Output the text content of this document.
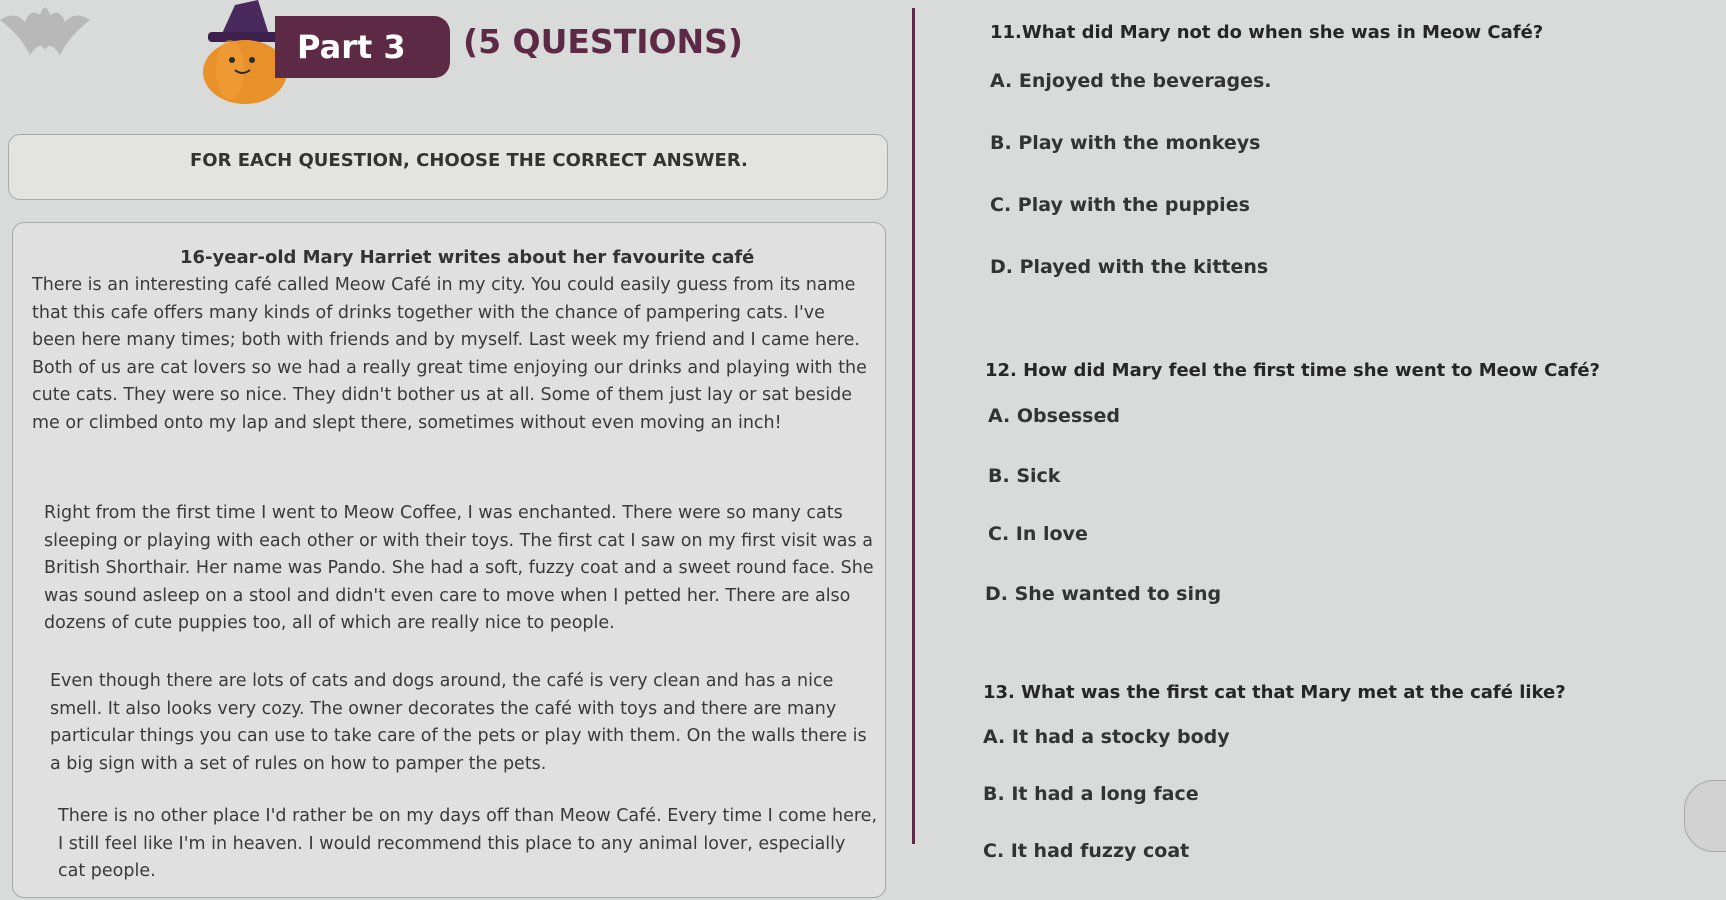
Part 3	(5 QUESTIONS)
FOR EACH QUESTION, CHOOSE THE CORRECT ANSWER.
16-year-old Mary Harriet writes about her favourite café

There is an interesting café called Meow Café in my city. You could easily guess from its name that this cafe offers many kinds of drinks together with the chance of pampering cats. I've been here many times; both with friends and by myself. Last week my friend and I came here. Both of us are cat lovers so we had a really great time enjoying our drinks and playing with the cute cats. They were so nice. They didn't bother us at all. Some of them just lay or sat beside me or climbed onto my lap and slept there, sometimes without even moving an inch!

Right from the first time I went to Meow Coffee, I was enchanted. There were so many cats sleeping or playing with each other or with their toys. The first cat I saw on my first visit was a British Shorthair. Her name was Pando. She had a soft, fuzzy coat and a sweet round face. She was sound asleep on a stool and didn't even care to move when I petted her. There are also dozens of cute puppies too, all of which are really nice to people.

Even though there are lots of cats and dogs around, the café is very clean and has a nice smell. It also looks very cozy. The owner decorates the café with toys and there are many particular things you can use to take care of the pets or play with them. On the walls there is a big sign with a set of rules on how to pamper the pets.

There is no other place I'd rather be on my days off than Meow Café. Every time I come here, I still feel like I'm in heaven. I would recommend this place to any animal lover, especially cat people.

11.What did Mary not do when she was in Meow Café?
A. Enjoyed the beverages.
B. Play with the monkeys
C. Play with the puppies
D. Played with the kittens
12. How did Mary feel the first time she went to Meow Café?
A. Obsessed
B. Sick
C. In love
D. She wanted to sing
13. What was the first cat that Mary met at the café like?
A. It had a stocky body
B. It had a long face
C. It had fuzzy coat
